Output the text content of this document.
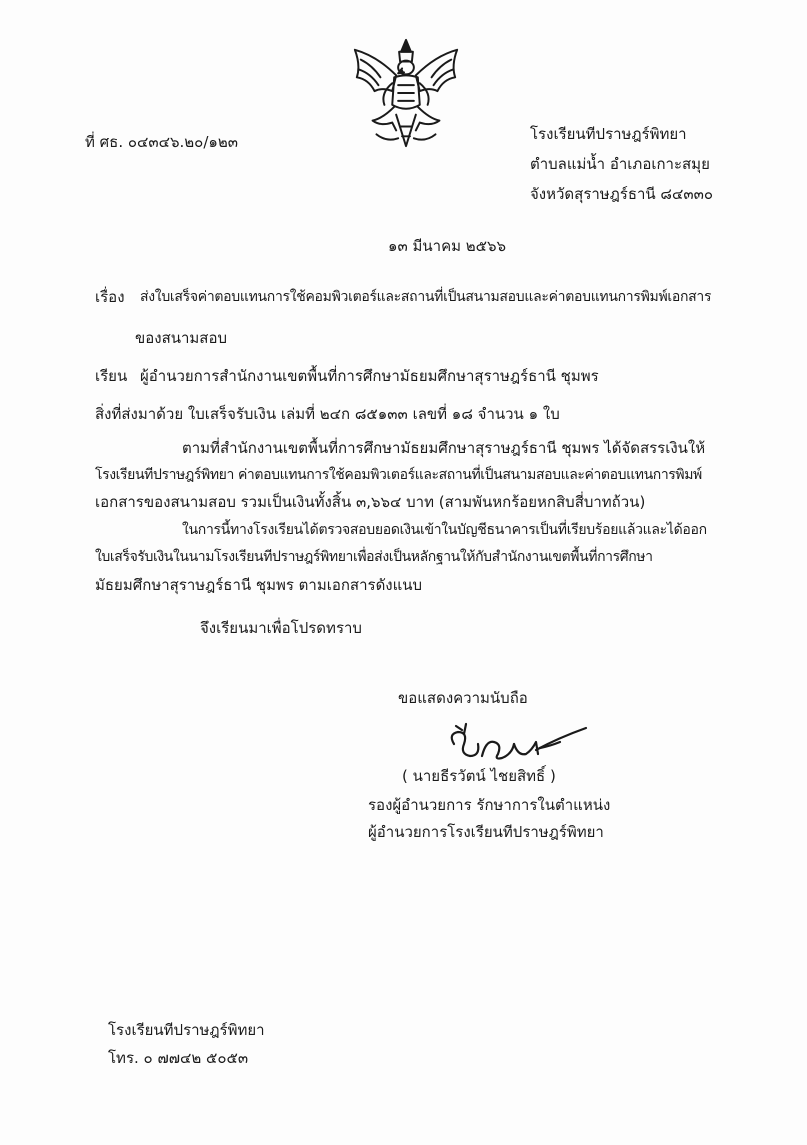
ที่ ศธ. ๐๔๓๔๖.๒๐/๑๒๓	โรงเรียนทีปราษฎร์พิทยา
ตำบลแม่น้ำ อำเภอเกาะสมุย
จังหวัดสุราษฎร์ธานี ๘๔๓๓๐
๑๓ มีนาคม ๒๕๖๖
เรื่อง ส่งใบเสร็จค่าตอบแทนการใช้คอมพิวเตอร์และสถานที่เป็นสนามสอบและค่าตอบแทนการพิมพ์เอกสาร
ของสนามสอบ
เรียน ผู้อำนวยการสำนักงานเขตพื้นที่การศึกษามัธยมศึกษาสุราษฎร์ธานี ชุมพร
สิ่งที่ส่งมาด้วย ใบเสร็จรับเงิน เล่มที่ ๒๔ก ๘๕๑๓๓ เลขที่ ๑๘ จำนวน ๑ ใบ
ตามที่สำนักงานเขตพื้นที่การศึกษามัธยมศึกษาสุราษฎร์ธานี ชุมพร ได้จัดสรรเงินให้
โรงเรียนทีปราษฎร์พิทยา ค่าตอบแทนการใช้คอมพิวเตอร์และสถานที่เป็นสนามสอบและค่าตอบแทนการพิมพ์
เอกสารของสนามสอบ รวมเป็นเงินทั้งสิ้น ๓,๖๖๔ บาท (สามพันหกร้อยหกสิบสี่บาทถ้วน)
ในการนี้ทางโรงเรียนได้ตรวจสอบยอดเงินเข้าในบัญชีธนาคารเป็นที่เรียบร้อยแล้วและได้ออก
ใบเสร็จรับเงินในนามโรงเรียนทีปราษฎร์พิทยาเพื่อส่งเป็นหลักฐานให้กับสำนักงานเขตพื้นที่การศึกษา
มัธยมศึกษาสุราษฎร์ธานี ชุมพร ตามเอกสารดังแนบ
จึงเรียนมาเพื่อโปรดทราบ
ขอแสดงความนับถือ
( นายธีรวัตน์ ไชยสิทธิ์ )
รองผู้อำนวยการ รักษาการในตำแหน่ง
ผู้อำนวยการโรงเรียนทีปราษฎร์พิทยา
โรงเรียนทีปราษฎร์พิทยา
โทร. ๐ ๗๗๔๒ ๕๐๕๓
